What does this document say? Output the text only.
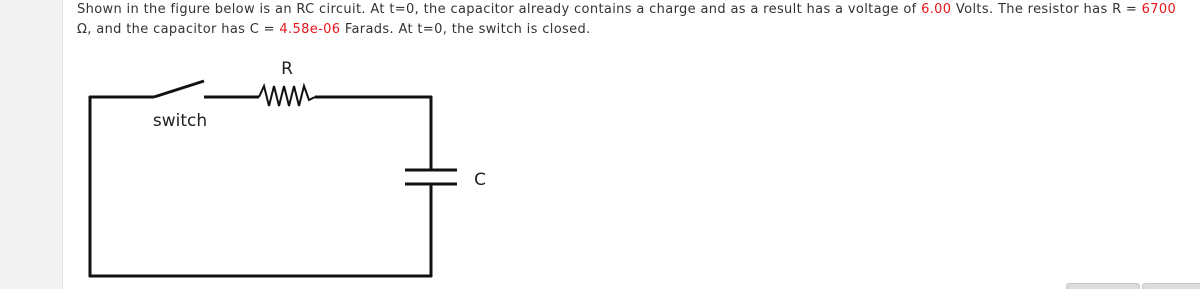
Shown in the figure below is an RC circuit. At t=0, the capacitor already contains a charge and as a result has a voltage of 6.00 Volts. The resistor has R = 6700 Ω, and the capacitor has C = 4.58e-06 Farads. At t=0, the switch is closed.
R
switch
C
